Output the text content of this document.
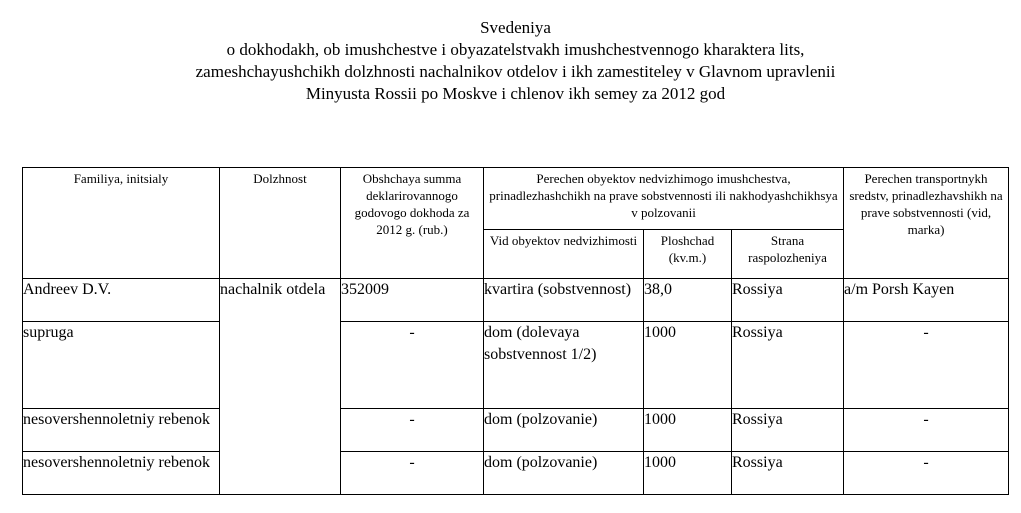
Svedeniya
o dokhodakh, ob imushchestve i obyazatelstvakh imushchestvennogo kharaktera lits,
zameshchayushchikh dolzhnosti nachalnikov otdelov i ikh zamestiteley v Glavnom upravlenii
Minyusta Rossii po Moskve i chlenov ikh semey za 2012 god
Familiya, initsialy	Dolzhnost	Obshchaya summa deklarirovannogo godovogo dokhoda za 2012 g. (rub.)	Perechen obyektov nedvizhimogo imushchestva, prinadlezhashchikh na prave sobstvennosti ili nakhodyashchikhsya v polzovanii			Perechen transportnykh sredstv, prinadlezhavshikh na prave sobstvennosti (vid, marka)

			Vid obyektov nedvizhimosti	Ploshchad (kv.m.)	Strana raspolozheniya	

Andreev D.V.	nachalnik otdela	352009	kvartira (sobstvennost)	38,0	Rossiya	a/m Porsh Kayen
supruga		-	dom (dolevaya sobstvennost 1/2)	1000	Rossiya	-
nesovershennoletniy rebenok		-	dom (polzovanie)	1000	Rossiya	-
nesovershennoletniy rebenok		-	dom (polzovanie)	1000	Rossiya	-
